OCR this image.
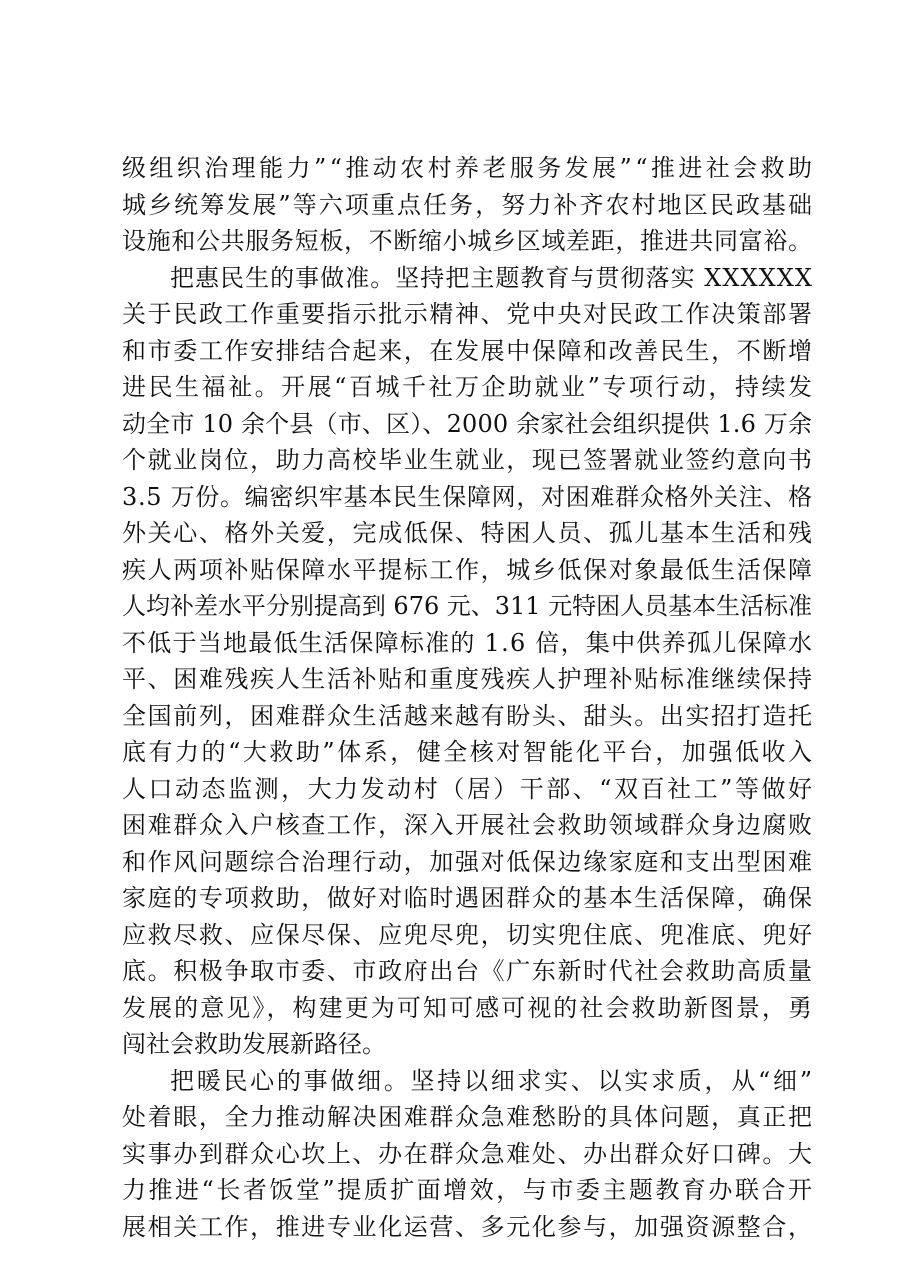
级组织治理能力”“推动农村养老服务发展”“推进社会救助
城乡统筹发展”等六项重点任务，努力补齐农村地区民政基础
设施和公共服务短板，不断缩小城乡区域差距，推进共同富裕。
把惠民生的事做准。坚持把主题教育与贯彻落实 XXXXXX
关于民政工作重要指示批示精神、党中央对民政工作决策部署
和市委工作安排结合起来，在发展中保障和改善民生，不断增
进民生福祉。开展“百城千社万企助就业”专项行动，持续发
动全市 10 余个县（市、区）、2000 余家社会组织提供 1.6 万余
个就业岗位，助力高校毕业生就业，现已签署就业签约意向书
3.5 万份。编密织牢基本民生保障网，对困难群众格外关注、格
外关心、格外关爱，完成低保、特困人员、孤儿基本生活和残
疾人两项补贴保障水平提标工作，城乡低保对象最低生活保障
人均补差水平分别提高到 676 元、311 元特困人员基本生活标准
不低于当地最低生活保障标准的 1.6 倍，集中供养孤儿保障水
平、困难残疾人生活补贴和重度残疾人护理补贴标准继续保持
全国前列，困难群众生活越来越有盼头、甜头。出实招打造托
底有力的“大救助”体系，健全核对智能化平台，加强低收入
人口动态监测，大力发动村（居）干部、“双百社工”等做好
困难群众入户核查工作，深入开展社会救助领域群众身边腐败
和作风问题综合治理行动，加强对低保边缘家庭和支出型困难
家庭的专项救助，做好对临时遇困群众的基本生活保障，确保
应救尽救、应保尽保、应兜尽兜，切实兜住底、兜准底、兜好
底。积极争取市委、市政府出台《广东新时代社会救助高质量
发展的意见》，构建更为可知可感可视的社会救助新图景，勇
闯社会救助发展新路径。
把暖民心的事做细。坚持以细求实、以实求质，从“细”
处着眼，全力推动解决困难群众急难愁盼的具体问题，真正把
实事办到群众心坎上、办在群众急难处、办出群众好口碑。大
力推进“长者饭堂”提质扩面增效，与市委主题教育办联合开
展相关工作，推进专业化运营、多元化参与，加强资源整合，
